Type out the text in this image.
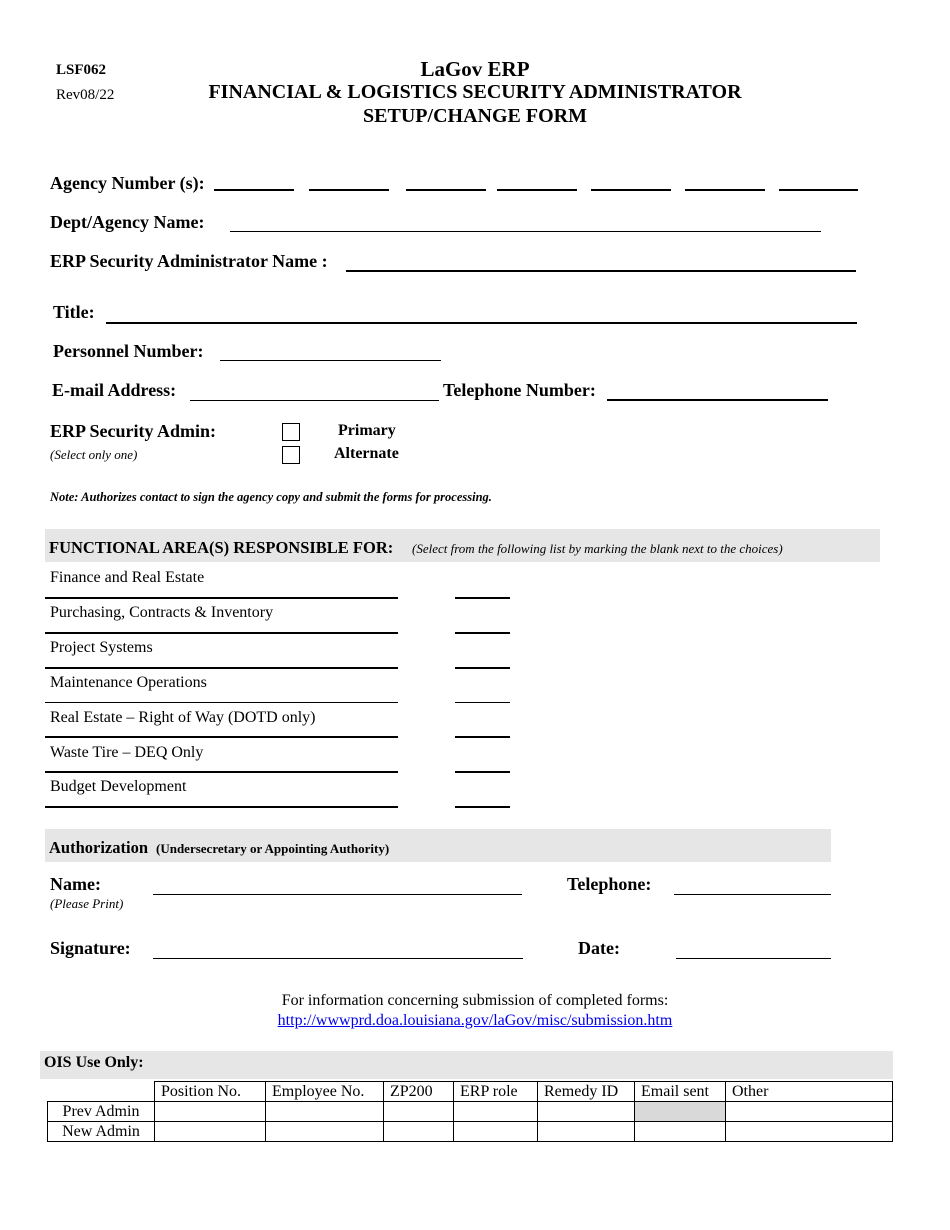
LSF062
Rev08/22
LaGov ERP
FINANCIAL & LOGISTICS SECURITY ADMINISTRATOR
SETUP/CHANGE FORM
Agency Number (s):
Dept/Agency Name:
ERP Security Administrator Name :
Title:
Personnel Number:
E-mail Address:	Telephone Number:
ERP Security Admin:
(Select only one)
Primary
Alternate
Note: Authorizes contact to sign the agency copy and submit the forms for processing.
FUNCTIONAL AREA(S) RESPONSIBLE FOR: (Select from the following list by marking the blank next to the choices)
Finance and Real Estate
Purchasing, Contracts & Inventory
Project Systems
Maintenance Operations
Real Estate – Right of Way (DOTD only)
Waste Tire – DEQ Only
Budget Development
Authorization (Undersecretary or Appointing Authority)
Name:
(Please Print)
Telephone:
Signature:	Date:
For information concerning submission of completed forms:
http://wwwprd.doa.louisiana.gov/laGov/misc/submission.htm
OIS Use Only:
	Position No.	Employee No.	ZP200	ERP role	Remedy ID	Email sent	Other
Prev Admin							
New Admin							
